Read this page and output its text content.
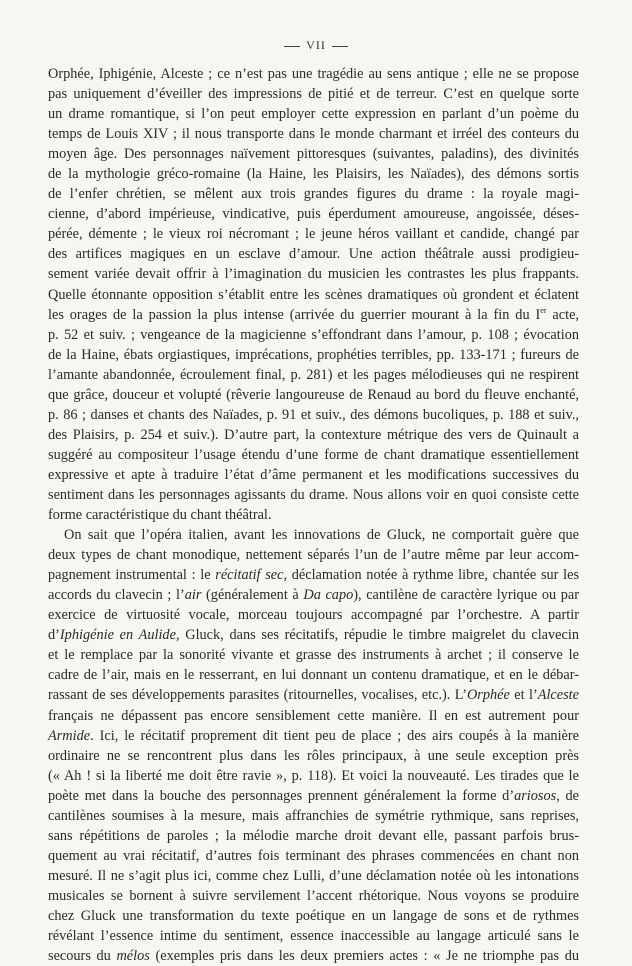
VII
Orphée, Iphigénie, Alceste ; ce n’est pas une tragédie au sens antique ; elle ne se propose
pas uniquement d’éveiller des impressions de pitié et de terreur. C’est en quelque sorte
un drame romantique, si l’on peut employer cette expression en parlant d’un poème du
temps de Louis XIV ; il nous transporte dans le monde charmant et irréel des conteurs du
moyen âge. Des personnages naïvement pittoresques (suivantes, paladins), des divinités
de la mythologie gréco-romaine (la Haine, les Plaisirs, les Naïades), des démons sortis
de l’enfer chrétien, se mêlent aux trois grandes figures du drame : la royale magi-
cienne, d’abord impérieuse, vindicative, puis éperdument amoureuse, angoissée, déses-
pérée, démente ; le vieux roi nécromant ; le jeune héros vaillant et candide, changé par
des artifices magiques en un esclave d’amour. Une action théâtrale aussi prodigieu-
sement variée devait offrir à l’imagination du musicien les contrastes les plus frappants.
Quelle étonnante opposition s’établit entre les scènes dramatiques où grondent et éclatent
les orages de la passion la plus intense (arrivée du guerrier mourant à la fin du Ier acte,
p. 52 et suiv. ; vengeance de la magicienne s’effondrant dans l’amour, p. 108 ; évocation
de la Haine, ébats orgiastiques, imprécations, prophéties terribles, pp. 133-171 ; fureurs de
l’amante abandonnée, écroulement final, p. 281) et les pages mélodieuses qui ne respirent
que grâce, douceur et volupté (rêverie langoureuse de Renaud au bord du fleuve enchanté,
p. 86 ; danses et chants des Naïades, p. 91 et suiv., des démons bucoliques, p. 188 et suiv.,
des Plaisirs, p. 254 et suiv.). D’autre part, la contexture métrique des vers de Quinault a
suggéré au compositeur l’usage étendu d’une forme de chant dramatique essentiellement
expressive et apte à traduire l’état d’âme permanent et les modifications successives du
sentiment dans les personnages agissants du drame. Nous allons voir en quoi consiste cette
forme caractéristique du chant théâtral.
On sait que l’opéra italien, avant les innovations de Gluck, ne comportait guère que
deux types de chant monodique, nettement séparés l’un de l’autre même par leur accom-
pagnement instrumental : le récitatif sec, déclamation notée à rythme libre, chantée sur les
accords du clavecin ; l’air (généralement à Da capo), cantilène de caractère lyrique ou par
exercice de virtuosité vocale, morceau toujours accompagné par l’orchestre. A partir
d’Iphigénie en Aulide, Gluck, dans ses récitatifs, répudie le timbre maigrelet du clavecin
et le remplace par la sonorité vivante et grasse des instruments à archet ; il conserve le
cadre de l’air, mais en le resserrant, en lui donnant un contenu dramatique, et en le débar-
rassant de ses développements parasites (ritournelles, vocalises, etc.). L’Orphée et l’Alceste
français ne dépassent pas encore sensiblement cette manière. Il en est autrement pour
Armide. Ici, le récitatif proprement dit tient peu de place ; des airs coupés à la manière
ordinaire ne se rencontrent plus dans les rôles principaux, à une seule exception près
(« Ah ! si la liberté me doit être ravie », p. 118). Et voici la nouveauté. Les tirades que le
poète met dans la bouche des personnages prennent généralement la forme d’ariosos, de
cantilènes soumises à la mesure, mais affranchies de symétrie rythmique, sans reprises,
sans répétitions de paroles ; la mélodie marche droit devant elle, passant parfois brus-
quement au vrai récitatif, d’autres fois terminant des phrases commencées en chant non
mesuré. Il ne s’agit plus ici, comme chez Lulli, d’une déclamation notée où les intonations
musicales se bornent à suivre servilement l’accent rhétorique. Nous voyons se produire
chez Gluck une transformation du texte poétique en un langage de sons et de rythmes
révélant l’essence intime du sentiment, essence inaccessible au langage articulé sans le
secours du mélos (exemples pris dans les deux premiers actes : « Je ne triomphe pas du
